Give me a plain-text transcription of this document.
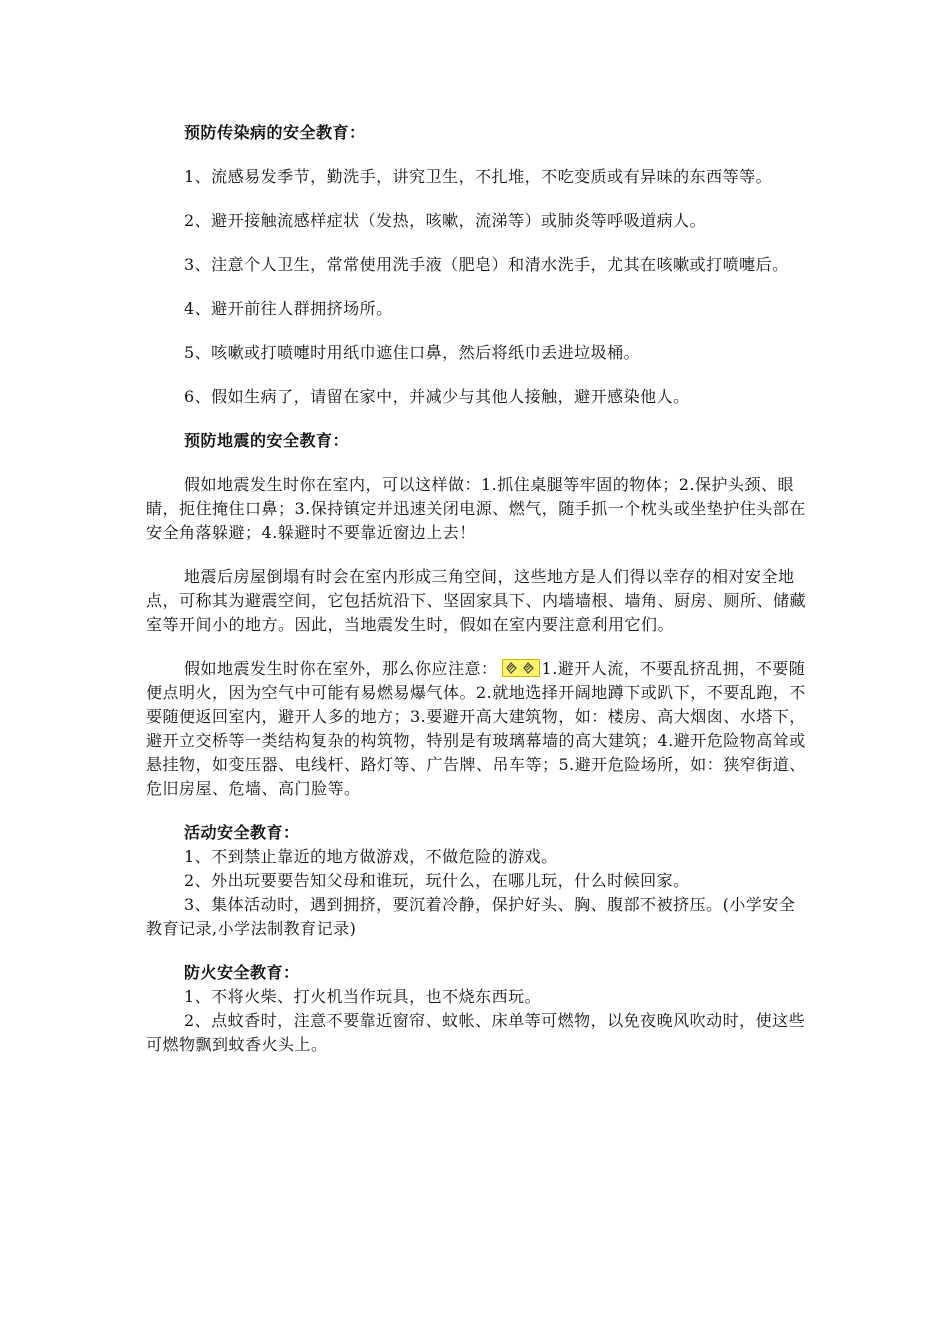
预防传染病的安全教育：

1、流感易发季节，勤洗手，讲究卫生，不扎堆，不吃变质或有异味的东西等等。

2、避开接触流感样症状（发热，咳嗽，流涕等）或肺炎等呼吸道病人。

3、注意个人卫生，常常使用洗手液（肥皂）和清水洗手，尤其在咳嗽或打喷嚏后。

4、避开前往人群拥挤场所。

5、咳嗽或打喷嚏时用纸巾遮住口鼻，然后将纸巾丢进垃圾桶。

6、假如生病了，请留在家中，并减少与其他人接触，避开感染他人。

预防地震的安全教育：

假如地震发生时你在室内，可以这样做：1.抓住桌腿等牢固的物体；2.保护头颈、眼睛，扼住掩住口鼻；3.保持镇定并迅速关闭电源、燃气，随手抓一个枕头或坐垫护住头部在安全角落躲避；4.躲避时不要靠近窗边上去！

地震后房屋倒塌有时会在室内形成三角空间，这些地方是人们得以幸存的相对安全地点，可称其为避震空间，它包括炕沿下、坚固家具下、内墙墙根、墙角、厨房、厕所、储藏室等开间小的地方。因此，当地震发生时，假如在室内要注意利用它们。

假如地震发生时你在室外，那么你应注意：	1.避开人流，不要乱挤乱拥，不要随便点明火，因为空气中可能有易燃易爆气体。2.就地选择开阔地蹲下或趴下，不要乱跑，不要随便返回室内，避开人多的地方；3.要避开高大建筑物，如：楼房、高大烟囱、水塔下，避开立交桥等一类结构复杂的构筑物，特别是有玻璃幕墙的高大建筑；4.避开危险物高耸或悬挂物，如变压器、电线杆、路灯等、广告牌、吊车等；5.避开危险场所，如：狭窄街道、危旧房屋、危墙、高门脸等。

活动安全教育：

1、不到禁止靠近的地方做游戏，不做危险的游戏。

2、外出玩要要告知父母和谁玩，玩什么，在哪儿玩，什么时候回家。

3、集体活动时，遇到拥挤，要沉着冷静，保护好头、胸、腹部不被挤压。(小学安全教育记录,小学法制教育记录)

防火安全教育：

1、不将火柴、打火机当作玩具，也不烧东西玩。

2、点蚊香时，注意不要靠近窗帘、蚊帐、床单等可燃物，以免夜晚风吹动时，使这些可燃物飘到蚊香火头上。
